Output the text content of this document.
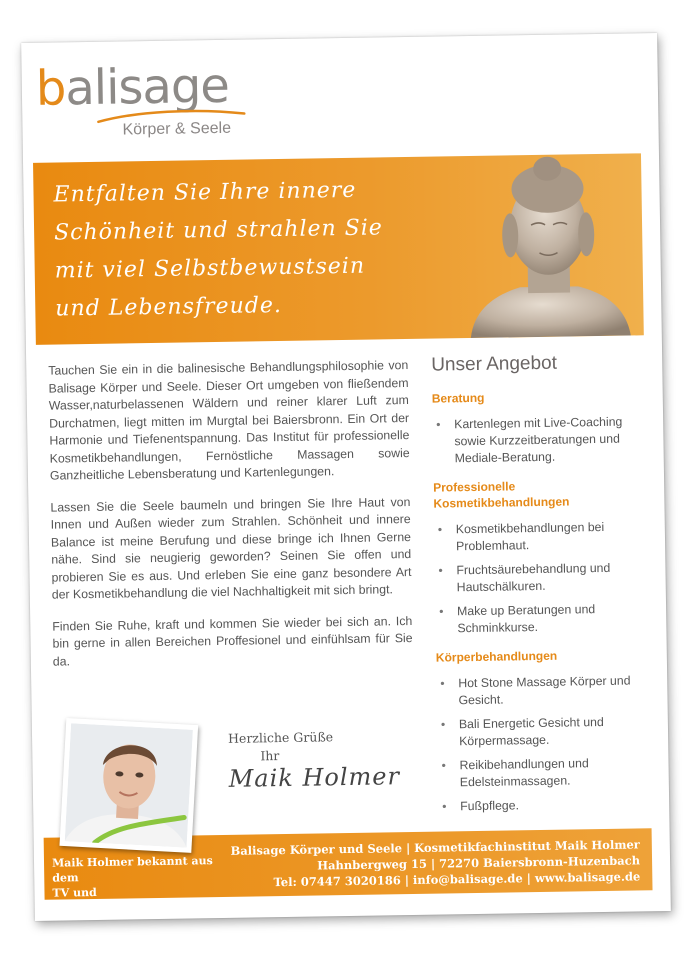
balisage
Körper & Seele
Entfalten Sie Ihre innere
Schönheit und strahlen Sie
mit viel Selbstbewustsein
und Lebensfreude.

Tauchen Sie ein in die balinesische Behandlungsphilosophie von Balisage Körper und Seele. Dieser Ort umgeben von fließendem Wasser,naturbelassenen Wäldern und reiner klarer Luft zum Durchatmen, liegt mitten im Murgtal bei Baiersbronn. Ein Ort der Harmonie und Tiefenentspannung. Das Institut für professionelle Kosmetikbehandlungen, Fernöstliche Massagen sowie Ganzheitliche Lebensberatung und Kartenlegungen.

Lassen Sie die Seele baumeln und bringen Sie Ihre Haut von Innen und Außen wieder zum Strahlen. Schönheit und innere Balance ist meine Berufung und diese bringe ich Ihnen Gerne nähe. Sind sie neugierig geworden? Seinen Sie offen und probieren Sie es aus. Und erleben Sie eine ganz besondere Art der Kosmetikbehandlung die viel Nachhaltigkeit mit sich bringt.

Finden Sie Ruhe, kraft und kommen Sie wieder bei sich an. Ich bin gerne in allen Bereichen Proffesionel und einfühlsam für Sie da.

Unser Angebot
Beratung
• Kartenlegen mit Live-Coaching sowie Kurzzeitberatungen und Mediale-Beratung.
Professionelle Kosmetikbehandlungen
• Kosmetikbehandlungen bei Problemhaut.
• Fruchtsäurebehandlung und Hautschälkuren.
• Make up Beratungen und Schminkkurse.
Körperbehandlungen
• Hot Stone Massage Körper und Gesicht.
• Bali Energetic Gesicht und Körpermassage.
• Reikibehandlungen und Edelsteinmassagen.
• Fußpflege.
Herzliche Grüße
Ihr
Maik Holmer
Maik Holmer bekannt aus dem
TV und Premiumparfümerien.
Balisage Körper und Seele | Kosmetikfachinstitut Maik Holmer
Hahnbergweg 15 | 72270 Baiersbronn-Huzenbach
Tel: 07447 3020186 | info@balisage.de | www.balisage.de
